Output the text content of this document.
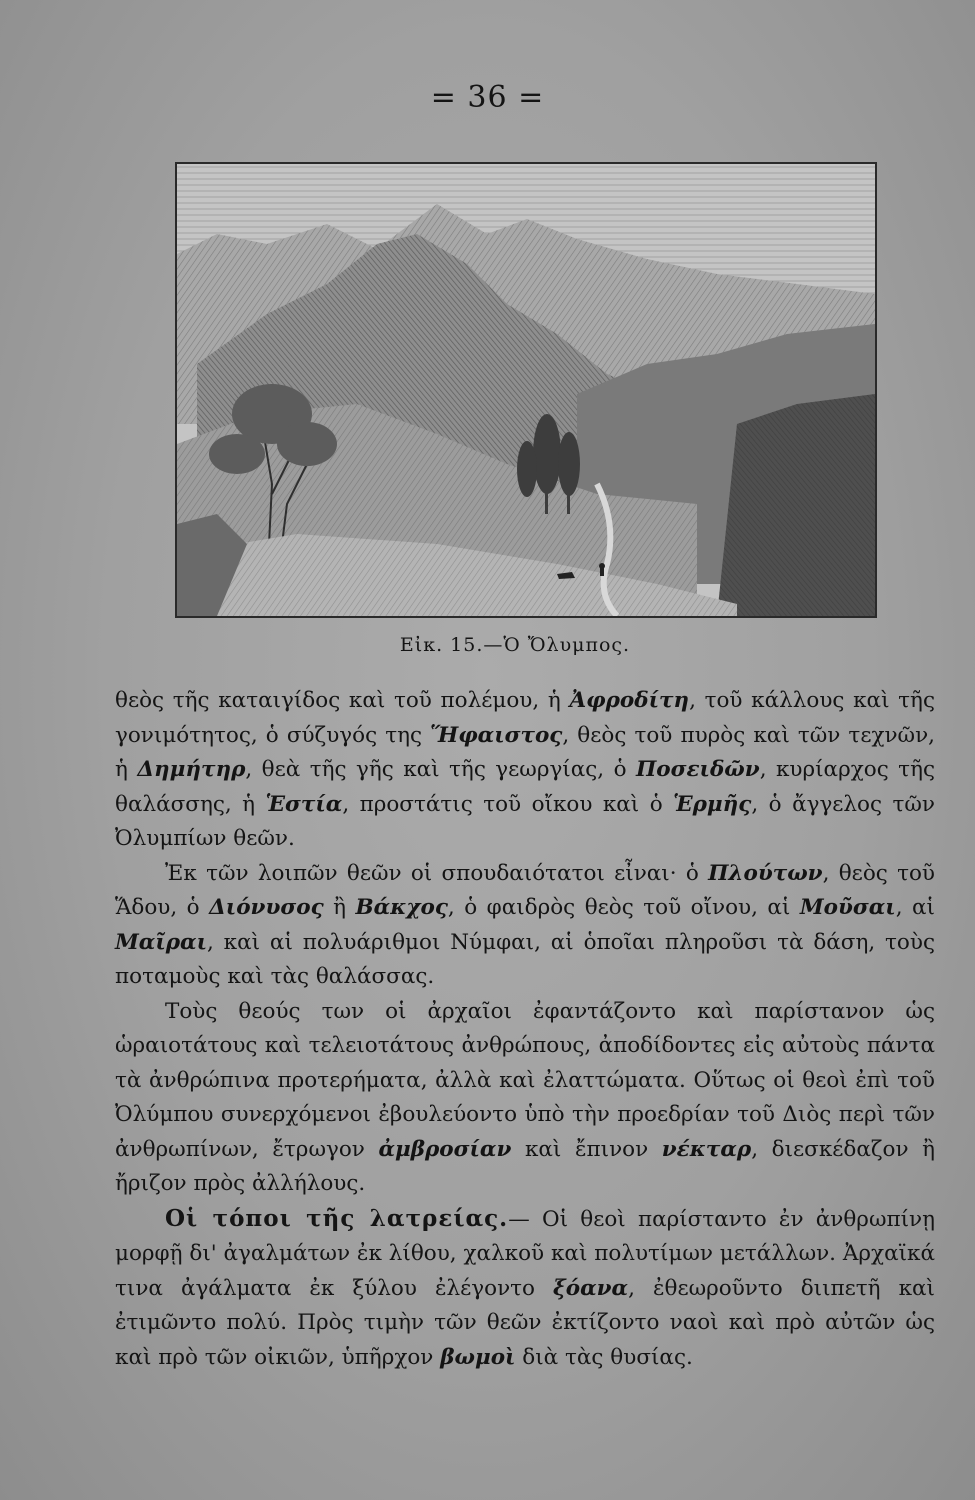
= 36 =
Εἰκ. 15.—Ὁ Ὄλυμπος.

θεὸς τῆς καταιγίδος καὶ τοῦ πολέμου, ἡ Ἀφροδίτη, τοῦ κάλλους καὶ τῆς γονιμότητος, ὁ σύζυγός της Ἥφαιστος, θεὸς τοῦ πυρὸς καὶ τῶν τεχνῶν, ἡ Δημήτηρ, θεὰ τῆς γῆς καὶ τῆς γεωργίας, ὁ Ποσειδῶν, κυρίαρχος τῆς θαλάσσης, ἡ Ἑστία, προστάτις τοῦ οἴκου καὶ ὁ Ἑρμῆς, ὁ ἄγγελος τῶν Ὀλυμπίων θεῶν.

Ἐκ τῶν λοιπῶν θεῶν οἱ σπουδαιότατοι εἶναι· ὁ Πλούτων, θεὸς τοῦ Ἅδου, ὁ Διόνυσος ἢ Βάκχος, ὁ φαιδρὸς θεὸς τοῦ οἴνου, αἱ Μοῦσαι, αἱ Μαῖραι, καὶ αἱ πολυάριθμοι Νύμφαι, αἱ ὁποῖαι πληροῦσι τὰ δάση, τοὺς ποταμοὺς καὶ τὰς θαλάσσας.

Τοὺς θεούς των οἱ ἀρχαῖοι ἐφαντάζοντο καὶ παρίστανον ὡς ὡραιοτάτους καὶ τελειοτάτους ἀνθρώπους, ἀποδίδοντες εἰς αὐτοὺς πάντα τὰ ἀνθρώπινα προτερήματα, ἀλλὰ καὶ ἐλαττώματα. Οὕτως οἱ θεοὶ ἐπὶ τοῦ Ὀλύμπου συνερχόμενοι ἐβουλεύοντο ὑπὸ τὴν προεδρίαν τοῦ Διὸς περὶ τῶν ἀνθρωπίνων, ἔτρωγον ἀμβροσίαν καὶ ἔπινον νέκταρ, διεσκέδαζον ἢ ἤριζον πρὸς ἀλλήλους.

Οἱ τόποι τῆς λατρείας.— Οἱ θεοὶ παρίσταντο ἐν ἀνθρωπίνῃ μορφῇ δι' ἀγαλμάτων ἐκ λίθου, χαλκοῦ καὶ πολυτίμων μετάλλων. Ἀρχαϊκά τινα ἀγάλματα ἐκ ξύλου ἐλέγοντο ξόανα, ἐθεωροῦντο διιπετῆ καὶ ἐτιμῶντο πολύ. Πρὸς τιμὴν τῶν θεῶν ἐκτίζοντο ναοὶ καὶ πρὸ αὐτῶν ὡς καὶ πρὸ τῶν οἰκιῶν, ὑπῆρχον βωμοὶ διὰ τὰς θυσίας.
